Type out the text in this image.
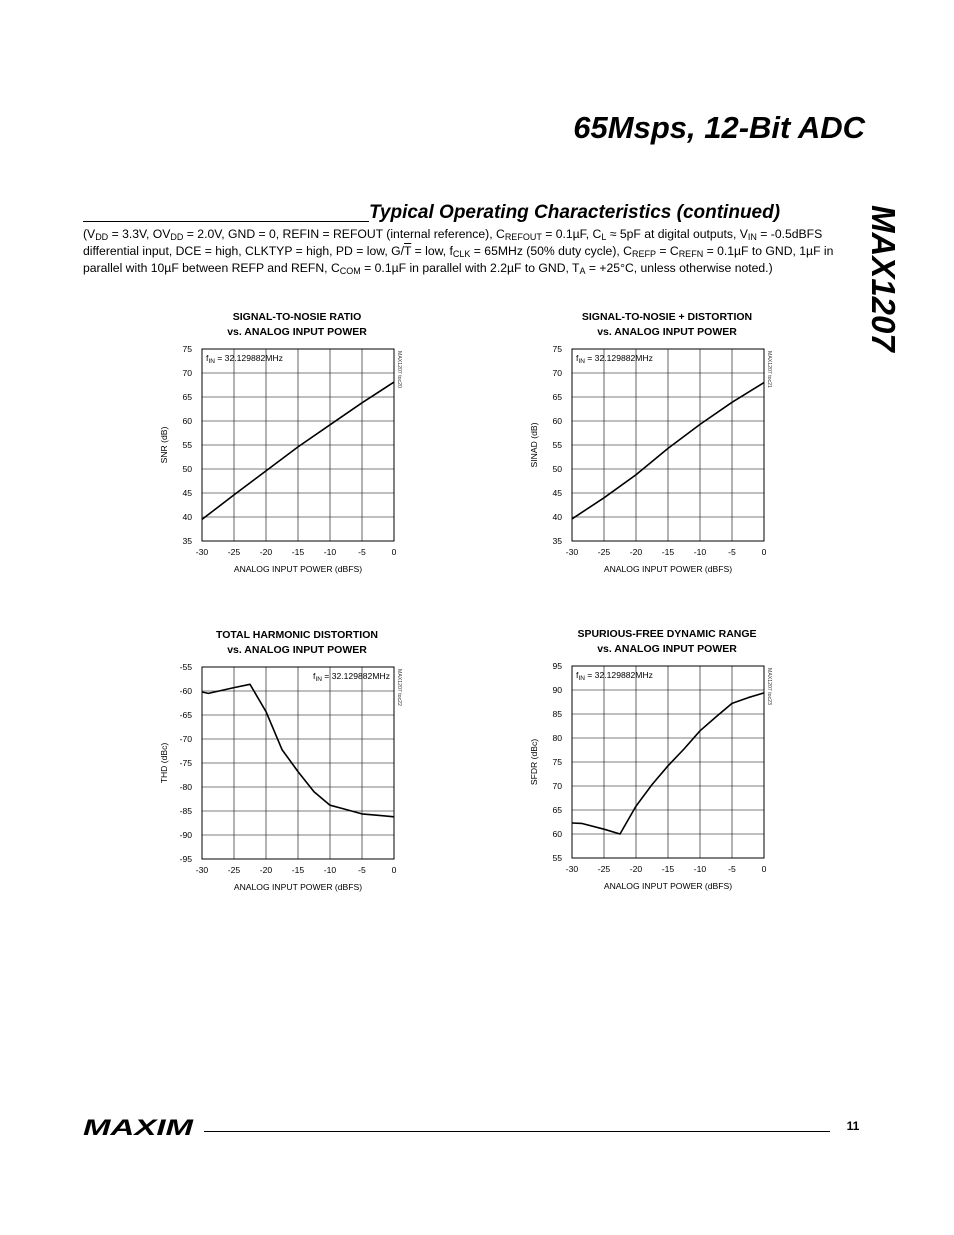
65Msps, 12-Bit ADC
MAX1207
Typical Operating Characteristics (continued)
($V_{DD} = 3.3V$, $OV_{DD} = 2.0V$, GND = 0, REFIN = REFOUT (internal reference), $C_{REFOUT} = 0.1\mu F$, $C_L \approx 5pF$ at digital outputs, $V_{IN}$ = -0.5dBFS differential input, DCE = high, CLKTYP = high, PD = low, $G/\overline{T}$ = low, $f_{CLK} = 65MHz$ (50% duty cycle), $C_{REFP} = C_{REFN} = 0.1\mu F$ to GND, 1µF in parallel with 10µF between REFP and REFN, $C_{COM} = 0.1\mu F$ in parallel with 2.2µF to GND, $T_A = +25^\circ C$, unless otherwise noted.)
SIGNAL-TO-NOSIE RATIO
vs. ANALOG INPUT POWER
-30 -25 -20 -15 -10	-5	0
35
40
45
50
55
60
65
70
75
ANALOG INPUT POWER (dBFS)
SNR (dB)
$f_{IN} = 32.129882MHz$	MAX1207 toc20
SIGNAL-TO-NOSIE + DISTORTION
vs. ANALOG INPUT POWER
-30 -25 -20 -15 -10	-5	0
35
40
45
50
55
60
65
70
75
ANALOG INPUT POWER (dBFS)
SINAD (dB)
$f_{IN} = 32.129882MHz$	MAX1207 toc21
TOTAL HARMONIC DISTORTION
vs. ANALOG INPUT POWER
-30 -25 -20 -15 -10	-5	0
-55
-60
-65
-70
-75
-80
-85
-90
-95
ANALOG INPUT POWER (dBFS)
THD (dBc)
$f_{IN} = 32.129882MHz$ MAX1207 toc22
SPURIOUS-FREE DYNAMIC RANGE
vs. ANALOG INPUT POWER
-30 -25 -20 -15 -10	-5	0
55
60
65
70
75
80
85
90
95
ANALOG INPUT POWER (dBFS)
SFDR (dBc)
$f_{IN} = 32.129882MHz$	MAX1207 toc23
MAXIM	11
